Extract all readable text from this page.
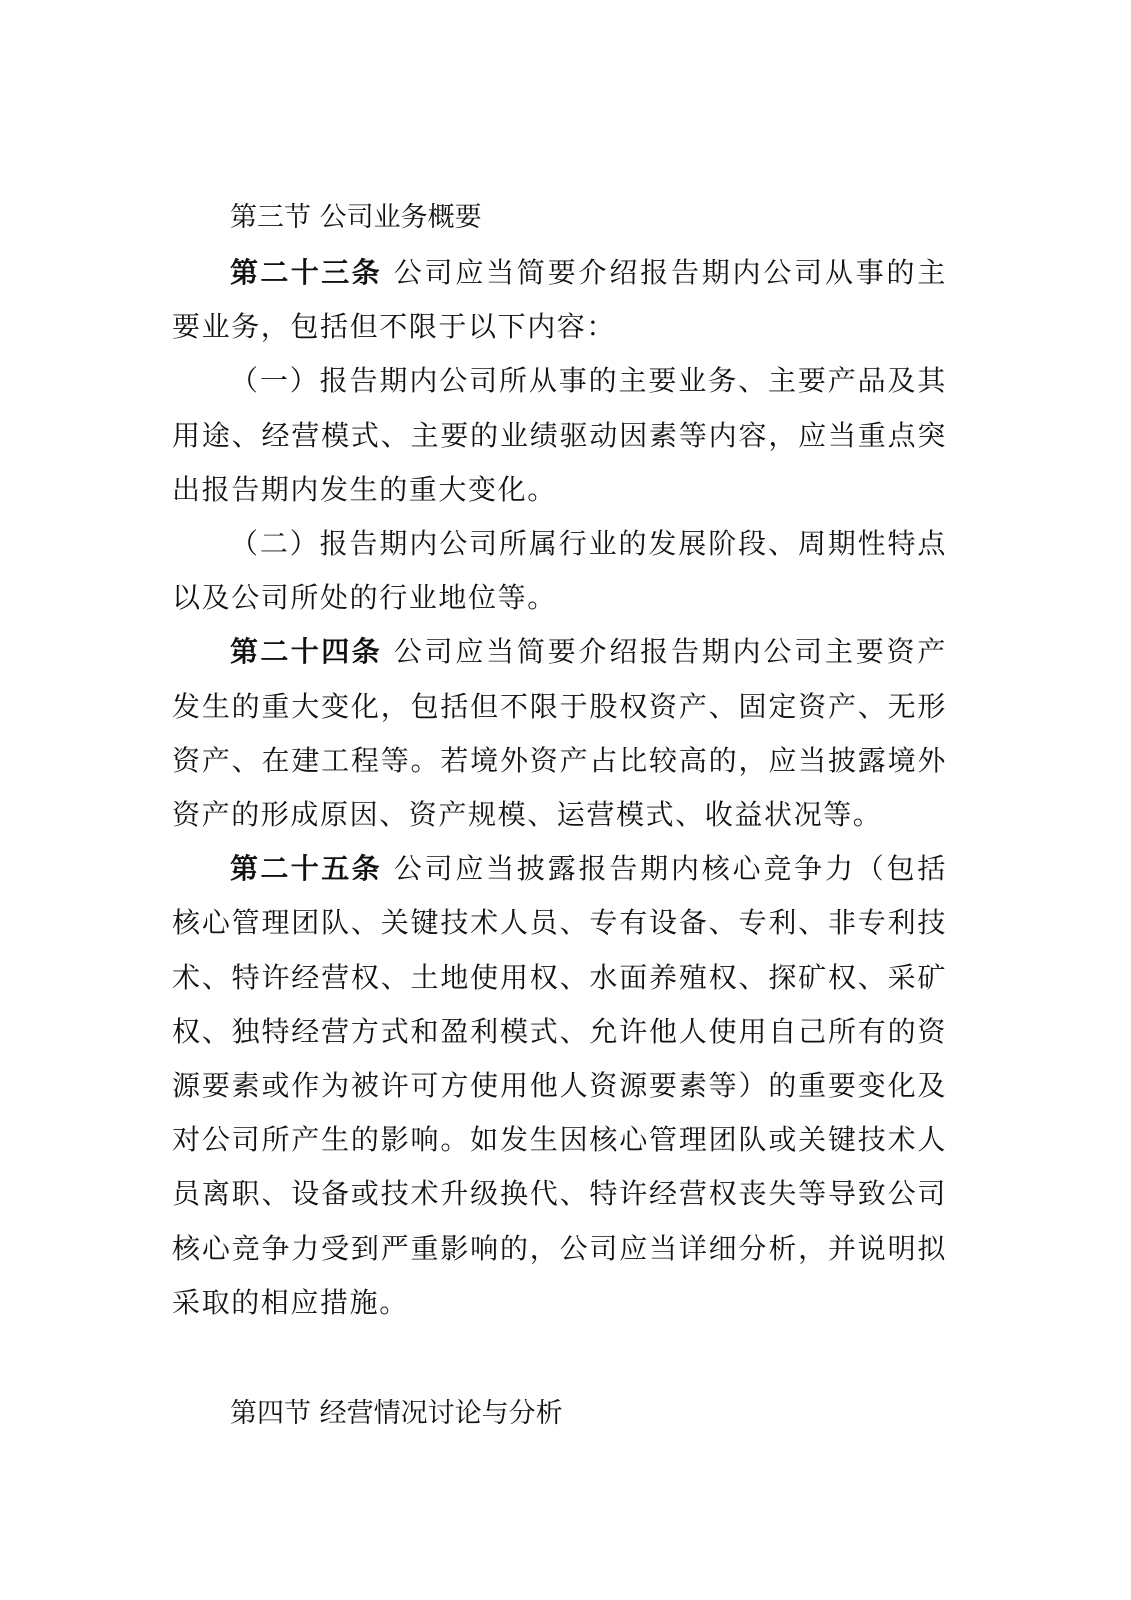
第三节 公司业务概要

第二十三条 公司应当简要介绍报告期内公司从事的主要业务，包括但不限于以下内容：

（一）报告期内公司所从事的主要业务、主要产品及其用途、经营模式、主要的业绩驱动因素等内容，应当重点突出报告期内发生的重大变化。

（二）报告期内公司所属行业的发展阶段、周期性特点以及公司所处的行业地位等。

第二十四条 公司应当简要介绍报告期内公司主要资产发生的重大变化，包括但不限于股权资产、固定资产、无形资产、在建工程等。若境外资产占比较高的，应当披露境外资产的形成原因、资产规模、运营模式、收益状况等。

第二十五条 公司应当披露报告期内核心竞争力（包括核心管理团队、关键技术人员、专有设备、专利、非专利技术、特许经营权、土地使用权、水面养殖权、探矿权、采矿权、独特经营方式和盈利模式、允许他人使用自己所有的资源要素或作为被许可方使用他人资源要素等）的重要变化及对公司所产生的影响。如发生因核心管理团队或关键技术人员离职、设备或技术升级换代、特许经营权丧失等导致公司核心竞争力受到严重影响的，公司应当详细分析，并说明拟采取的相应措施。

第四节 经营情况讨论与分析
